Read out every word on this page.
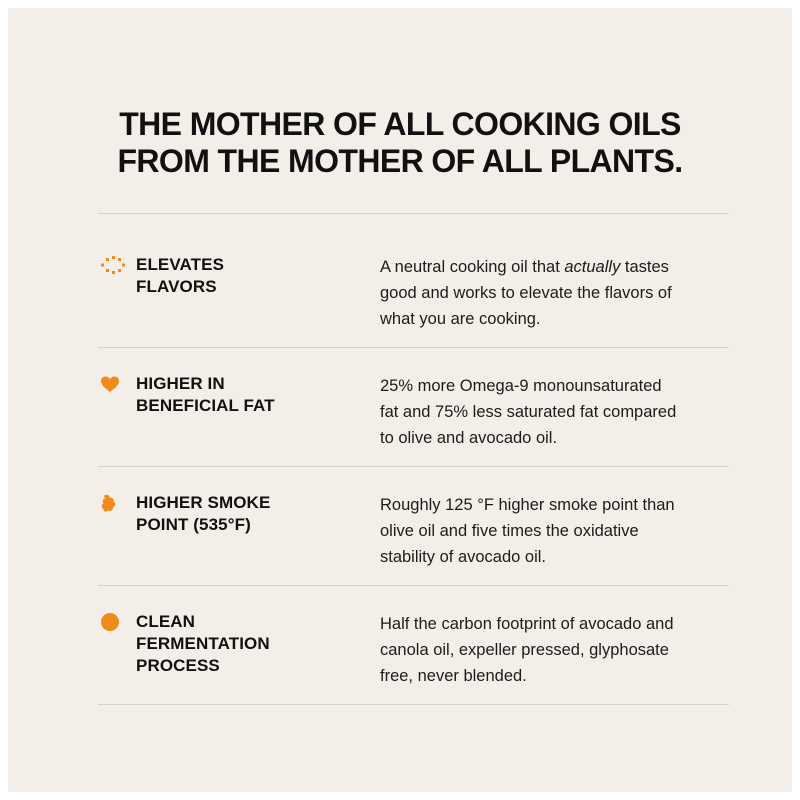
THE MOTHER OF ALL COOKING OILS
FROM THE MOTHER OF ALL PLANTS.
ELEVATES
FLAVORS

A neutral cooking oil that actually tastes
good and works to elevate the flavors of
what you are cooking.

HIGHER IN
BENEFICIAL FAT

25% more Omega-9 monounsaturated
fat and 75% less saturated fat compared
to olive and avocado oil.

HIGHER SMOKE
POINT (535°F)

Roughly 125 °F higher smoke point than
olive oil and five times the oxidative
stability of avocado oil.

CLEAN
FERMENTATION
PROCESS

Half the carbon footprint of avocado and
canola oil, expeller pressed, glyphosate
free, never blended.
